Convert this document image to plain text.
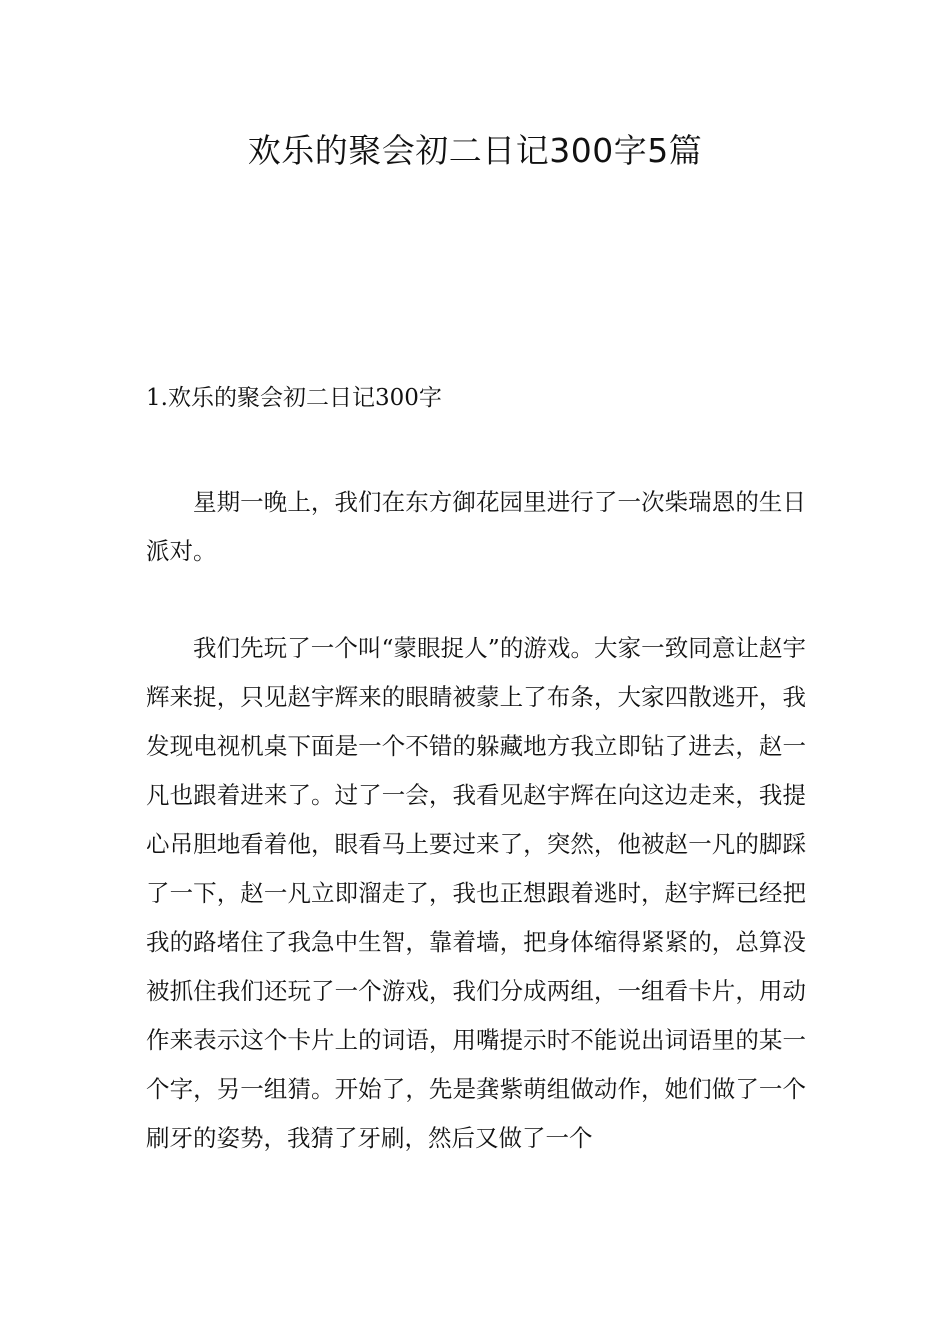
欢乐的聚会初二日记300字5篇
1.欢乐的聚会初二日记300字

星期一晚上，我们在东方御花园里进行了一次柴瑞恩的生日派对。

我们先玩了一个叫“蒙眼捉人”的游戏。大家一致同意让赵宇辉来捉，只见赵宇辉来的眼睛被蒙上了布条，大家四散逃开，我发现电视机桌下面是一个不错的躲藏地方我立即钻了进去，赵一凡也跟着进来了。过了一会，我看见赵宇辉在向这边走来，我提心吊胆地看着他，眼看马上要过来了，突然，他被赵一凡的脚踩了一下，赵一凡立即溜走了，我也正想跟着逃时，赵宇辉已经把我的路堵住了我急中生智，靠着墙，把身体缩得紧紧的，总算没被抓住我们还玩了一个游戏，我们分成两组，一组看卡片，用动作来表示这个卡片上的词语，用嘴提示时不能说出词语里的某一个字，另一组猜。开始了，先是龚紫萌组做动作，她们做了一个刷牙的姿势，我猜了牙刷，然后又做了一个
